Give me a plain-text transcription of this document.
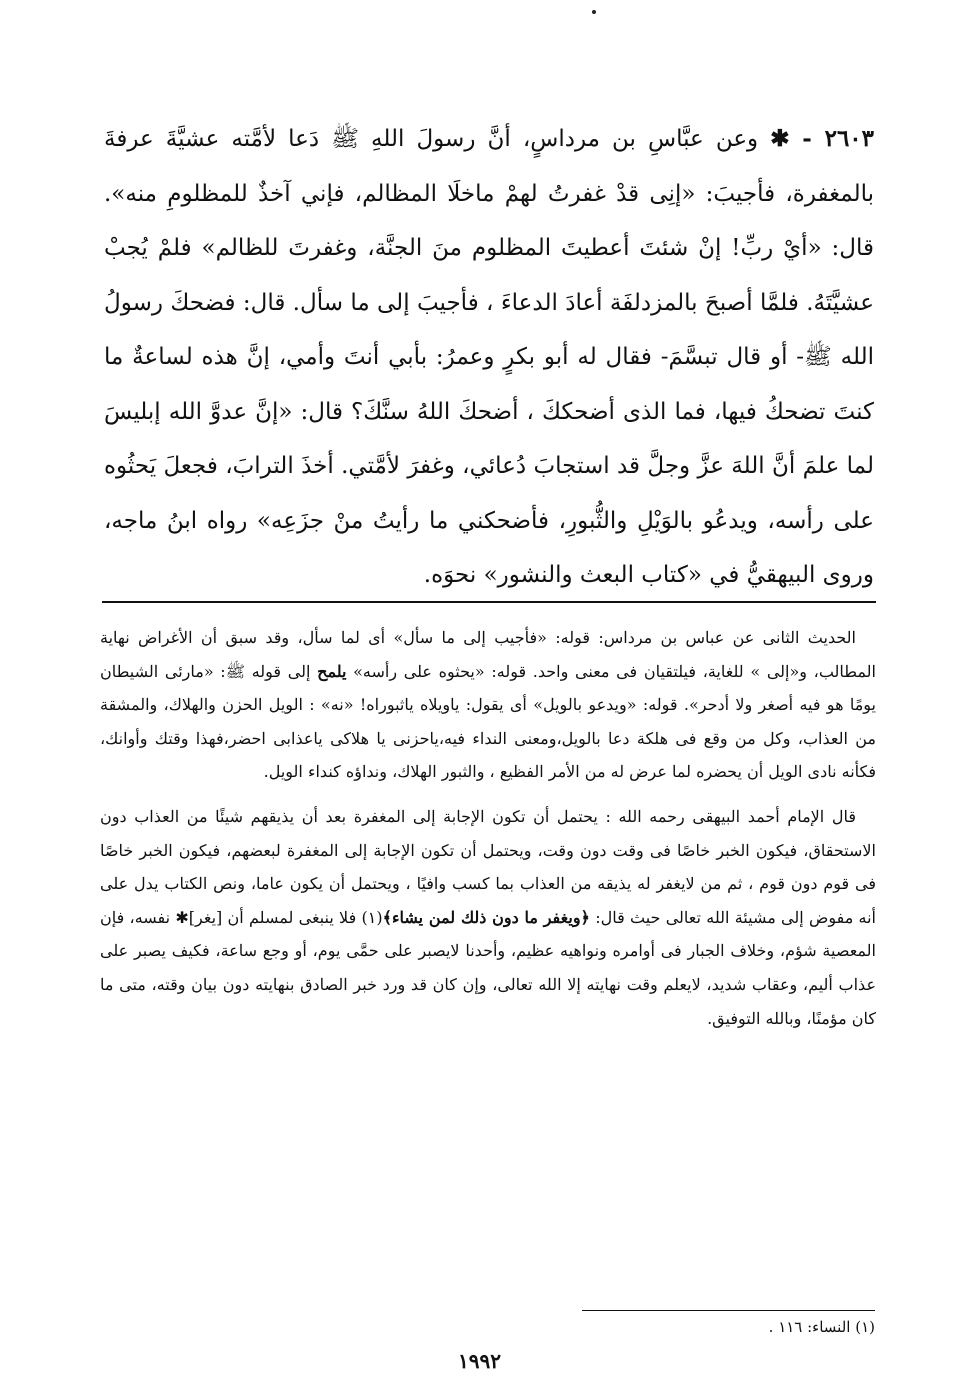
٢٦٠٣ - ✱ وعن عبَّاسِ بن مرداسٍ، أنَّ رسولَ اللهِ ﷺ دَعا لأمَّته عشيَّةَ عرفةَ بالمغفرة، فأجيبَ: «إنِى قدْ غفرتُ لهمْ ماخلَا المظالم، فإني آخذٌ للمظلومِ منه». قال: «أيْ ربِّ! إنْ شئتَ أعطيتَ المظلوم منَ الجنَّة، وغفرتَ للظالم» فلمْ يُجبْ عشيَّتَهُ. فلمَّا أصبحَ بالمزدلفَة أعادَ الدعاءَ ، فأجيبَ إلى ما سأل. قال: فضحكَ رسولُ الله ﷺ- أو قال تبسَّمَ- فقال له أبو بكرٍ وعمرُ: بأبي أنتَ وأمي، إنَّ هذه لساعةٌ ما كنتَ تضحكُ فيها، فما الذى أضحككَ ، أضحكَ اللهُ سنَّكَ؟ قال: «إنَّ عدوَّ الله إبليسَ لما علمَ أنَّ اللهَ عزَّ وجلَّ قد استجابَ دُعائي، وغفرَ لأمَّتي. أخذَ الترابَ، فجعلَ يَحثُوه على رأسه، ويدعُو بالوَيْلِ والثُّبورِ، فأضحكني ما رأيتُ منْ جزَعِه» رواه ابنُ ماجه، وروى البيهقيُّ في «كتاب البعث والنشور» نحوَه.

الحديث الثانى عن عباس بن مرداس: قوله: «فأجيب إلى ما سأل» أى لما سأل، وقد سبق أن الأغراض نهاية المطالب، و«إلى » للغاية، فيلتقيان فى معنى واحد. قوله: «يحثوه على رأسه» يلمح إلى قوله ﷺ: «مارئى الشيطان يومًا هو فيه أصغر ولا أدحر». قوله: «ويدعو بالويل» أى يقول: ياويلاه ياثبوراه! «نه» : الويل الحزن والهلاك، والمشقة من العذاب، وكل من وقع فى هلكة دعا بالويل،ومعنى النداء فيه،ياحزنى يا هلاكى ياعذابى احضر،فهذا وقتك وأوانك، فكأنه نادى الويل أن يحضره لما عرض له من الأمر الفظيع ، والثبور الهلاك، ونداؤه كنداء الويل.

قال الإمام أحمد البيهقى رحمه الله : يحتمل أن تكون الإجابة إلى المغفرة بعد أن يذيقهم شيئًا من العذاب دون الاستحقاق، فيكون الخبر خاصًا فى وقت دون وقت، ويحتمل أن تكون الإجابة إلى المغفرة لبعضهم، فيكون الخبر خاصًا فى قوم دون قوم ، ثم من لايغفر له يذيقه من العذاب بما كسب وافيًا ، ويحتمل أن يكون عاما، ونص الكتاب يدل على أنه مفوض إلى مشيئة الله تعالى حيث قال: ﴿ويغفر ما دون ذلك لمن يشاء﴾(١) فلا ينبغى لمسلم أن [يغر]✱ نفسه، فإن المعصية شؤم، وخلاف الجبار فى أوامره ونواهيه عظيم، وأحدنا لايصبر على حمَّى يوم، أو وجع ساعة، فكيف يصبر على عذاب أليم، وعقاب شديد، لايعلم وقت نهايته إلا الله تعالى، وإن كان قد ورد خبر الصادق بنهايته دون بيان وقته، متى ما كان مؤمنًا، وبالله التوفيق.

(١) النساء: ١١٦ .
١٩٩٢
